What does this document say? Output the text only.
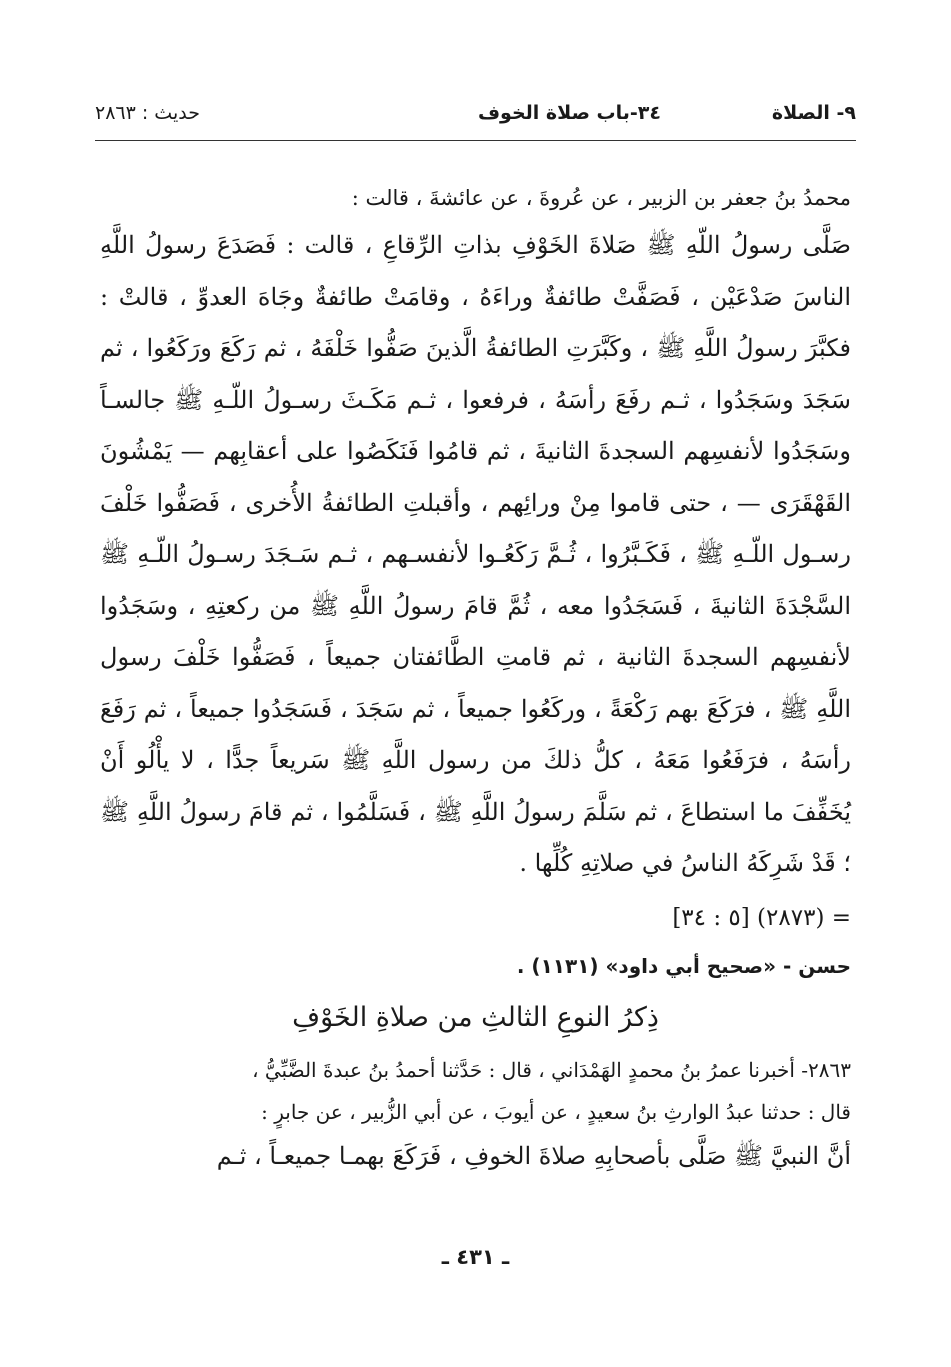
٩- الصلاة
٣٤-باب صلاة الخوف
حديث : ٢٨٦٣

محمدُ بنُ جعفر بن الزبير ، عن عُروةَ ، عن عائشةَ ، قالت :

صَلَّى رسولُ اللّهِ ﷺ صَلاةَ الخَوْفِ بذاتِ الرِّقاعِ ، قالت : فَصَدَعَ رسولُ اللَّهِ الناسَ صَدْعَيْن ، فَصَفَّتْ طائفةٌ وراءَهُ ، وقامَتْ طائفةٌ وجَاهَ العدوِّ ، قالتْ : فكبَّرَ رسولُ اللَّهِ ﷺ ، وكَبَّرَتِ الطائفةُ الَّذينَ صَفُّوا خَلْفَهُ ، ثم رَكَعَ ورَكَعُوا ، ثم سَجَدَ وسَجَدُوا ، ثـم رفَعَ رأسَهُ ، فرفعوا ، ثـم مَكَـثَ رسـولُ اللّـهِ ﷺ جالسـاً وسَجَدُوا لأنفسِهم السجدةَ الثانيةَ ، ثم قامُوا فَنَكَصُوا على أعقابِهم — يَمْشُونَ القَهْقَرَى — ، حتى قاموا مِنْ ورائِهم ، وأقبلتِ الطائفةُ الأُخرى ، فَصَفُّوا خَلْفَ رسـول اللّـهِ ﷺ ، فَكَـبَّرُوا ، ثُـمَّ رَكَعُـوا لأنفسـهم ، ثـم سَـجَدَ رسـولُ اللّـهِ ﷺ السَّجْدَةَ الثانيةَ ، فَسَجَدُوا معه ، ثُمَّ قامَ رسولُ اللَّهِ ﷺ من ركعتِهِ ، وسَجَدُوا لأنفسِهم السجدةَ الثانية ، ثم قامتِ الطَّائفتان جميعاً ، فَصَفُّوا خَلْفَ رسول اللَّهِ ﷺ ، فرَكَعَ بهم رَكْعَةً ، وركَعُوا جميعاً ، ثم سَجَدَ ، فَسَجَدُوا جميعاً ، ثم رَفَعَ رأسَهُ ، فرَفَعُوا مَعَهُ ، كلُّ ذلكَ من رسول اللَّهِ ﷺ سَريعاً جدًّا ، لا يأْلُو أَنْ يُخَفِّفَ ما استطاعَ ، ثم سَلَّمَ رسولُ اللَّهِ ﷺ ، فَسَلَّمُوا ، ثم قامَ رسولُ اللَّهِ ﷺ ؛ قَدْ شَرِكَهُ الناسُ في صلاتِهِ كُلِّها .

= (٢٨٧٣) [٥ : ٣٤]

حسن - «صحيح أبي داود» (١١٣١) .

ذِكرُ النوعِ الثالثِ من صلاةِ الخَوْفِ

٢٨٦٣- أخبرنا عمرُ بنُ محمدٍ الهَمْدَاني ، قال : حَدَّثنا أحمدُ بنُ عبدةَ الضَّبِّيُّ ،

قال : حدثنا عبدُ الوارثِ بنُ سعيدٍ ، عن أيوبَ ، عن أبي الزُّبير ، عن جابرٍ :

أنَّ النبيَّ ﷺ صَلَّى بأصحابِهِ صلاةَ الخوفِ ، فَرَكَعَ بهمـا جميعـاً ، ثـم

ـ ٤٣١ ـ
